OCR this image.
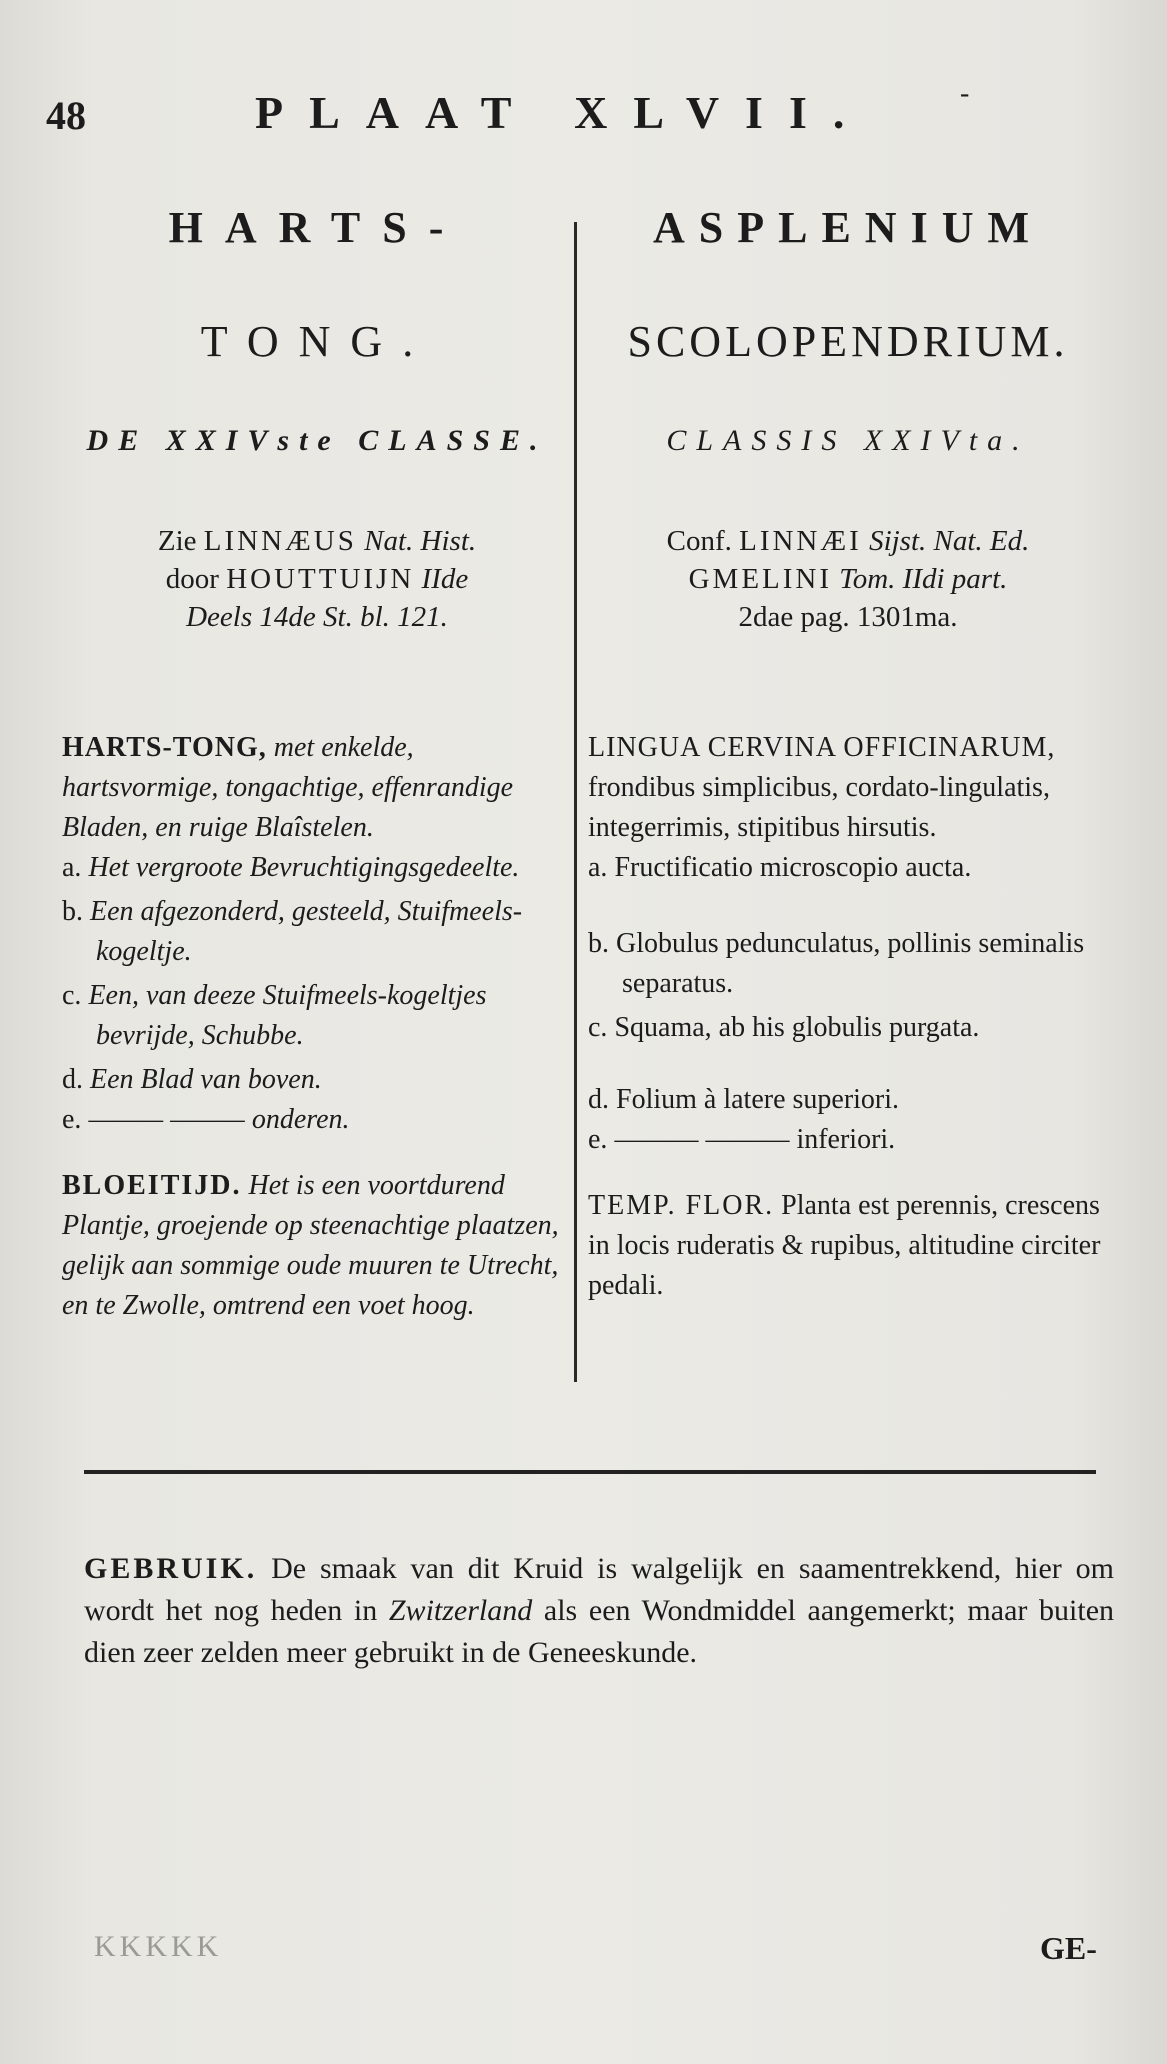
48	PLAAT XLVII.	-
HARTS-
TONG.
DE XXIVste CLASSE.
Zie LINNÆUS Nat. Hist.
door HOUTTUIJN IIde
Deels 14de St. bl. 121.
HARTS-TONG, met enkelde, hartsvormige, tongachtige, effenrandige Bladen, en ruige Blaîstelen.
a. Het vergroote Bevruchtigingsgedeelte.
b. Een afgezonderd, gesteeld, Stuifmeels-kogeltje.
c. Een, van deeze Stuifmeels-kogeltjes bevrijde, Schubbe.
d. Een Blad van boven.
e. ——— ——— onderen.
BLOEITIJD. Het is een voortdurend Plantje, groejende op steenachtige plaatzen, gelijk aan sommige oude muuren te Utrecht, en te Zwolle, omtrend een voet hoog.
ASPLENIUM
SCOLOPENDRIUM.
CLASSIS XXIVta.
Conf. LINNÆI Sijst. Nat. Ed.
GMELINI Tom. IIdi part.
2dae pag. 1301ma.
LINGUA CERVINA OFFICINARUM, frondibus simplicibus, cordato-lingulatis, integerrimis, stipitibus hirsutis.
a. Fructificatio microscopio aucta.
b. Globulus pedunculatus, pollinis seminalis separatus.
c. Squama, ab his globulis purgata.
d. Folium à latere superiori.
e. ——— ——— inferiori.
TEMP. FLOR. Planta est perennis, crescens in locis ruderatis & rupibus, altitudine circiter pedali.
GEBRUIK. De smaak van dit Kruid is walgelijk en saamentrekkend, hier om wordt het nog heden in Zwitzerland als een Wondmiddel aangemerkt; maar buiten dien zeer zelden meer gebruikt in de Geneeskunde.
KKKKK	GE-
